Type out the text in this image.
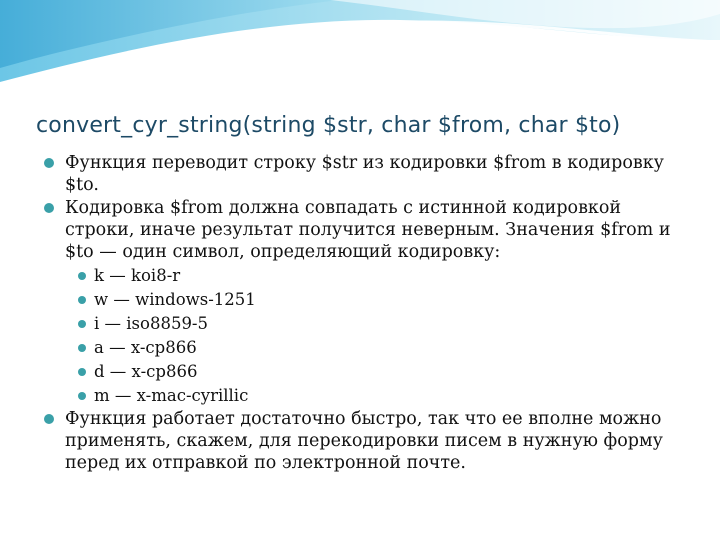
convert_cyr_string(string $str, char $from, char $to)
Функция переводит строку $str из кодировки $from в кодировку $to.
Кодировка $from должна совпадать с истинной кодировкой строки, иначе результат получится неверным. Значения $from и $to — один символ, определяющий кодировку:
k — koi8-r
w — windows-1251
i — iso8859-5
a — x-cp866
d — x-cp866
m — x-mac-cyrillic
Функция работает достаточно быстро, так что ее вполне можно применять, скажем, для перекодировки писем в нужную форму перед их отправкой по электронной почте.
